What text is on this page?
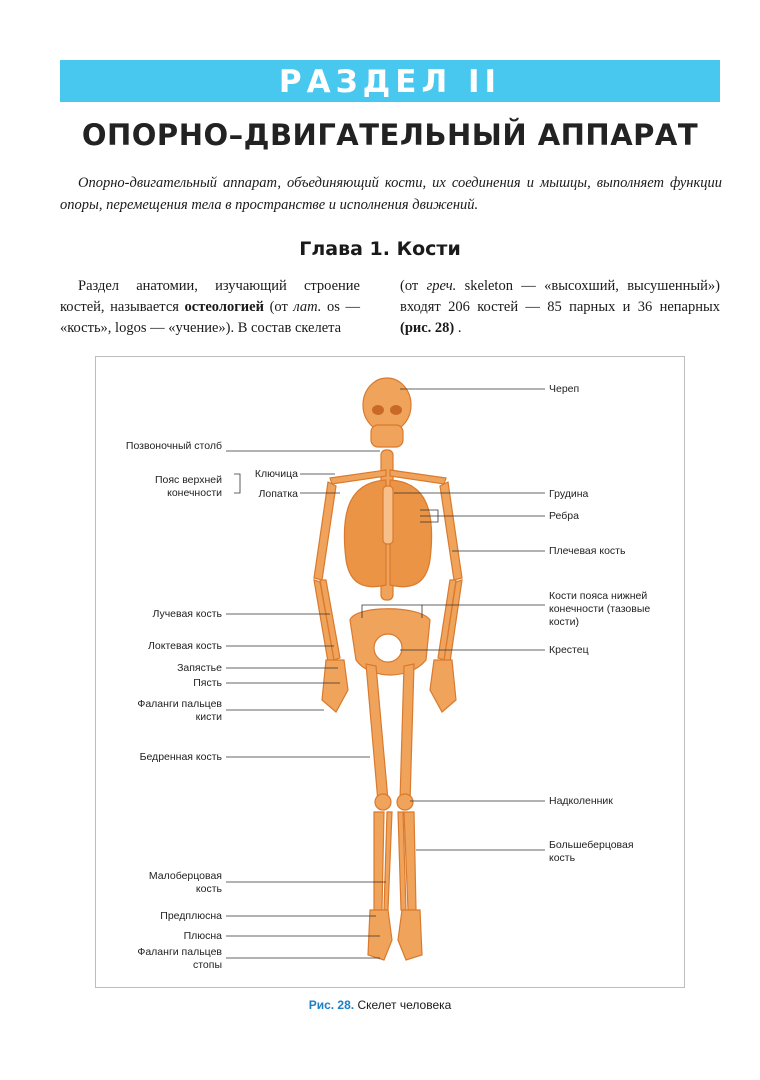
РАЗДЕЛ II
ОПОРНО–ДВИГАТЕЛЬНЫЙ АППАРАТ
Опорно-двигательный аппарат, объединяющий кости, их соединения и мышцы, выполняет функции опоры, перемещения тела в пространстве и исполнения движений.
Глава 1. Кости
Раздел анатомии, изучающий строение костей, называется остеологией (от лат. os — «кость», logos — «учение»). В состав скелета
Позвоночный столб
Пояс верхней конечности
Ключица
Лопатка
Лучевая кость
Локтевая кость
Запястье
Пясть
Фаланги пальцев кисти
Бедренная кость
Малоберцовая кость
Предплюсна
Плюсна
Фаланги пальцев стопы
Череп
Грудина
Ребра
Плечевая кость
Кости пояса нижней конечности (тазовые кости)
Крестец
Надколенник
Большеберцовая кость
Рис. 28. Скелет человека
(от греч. skeleton — «высохший, высушенный») входят 206 костей — 85 парных и 36 непарных (рис. 28) .
